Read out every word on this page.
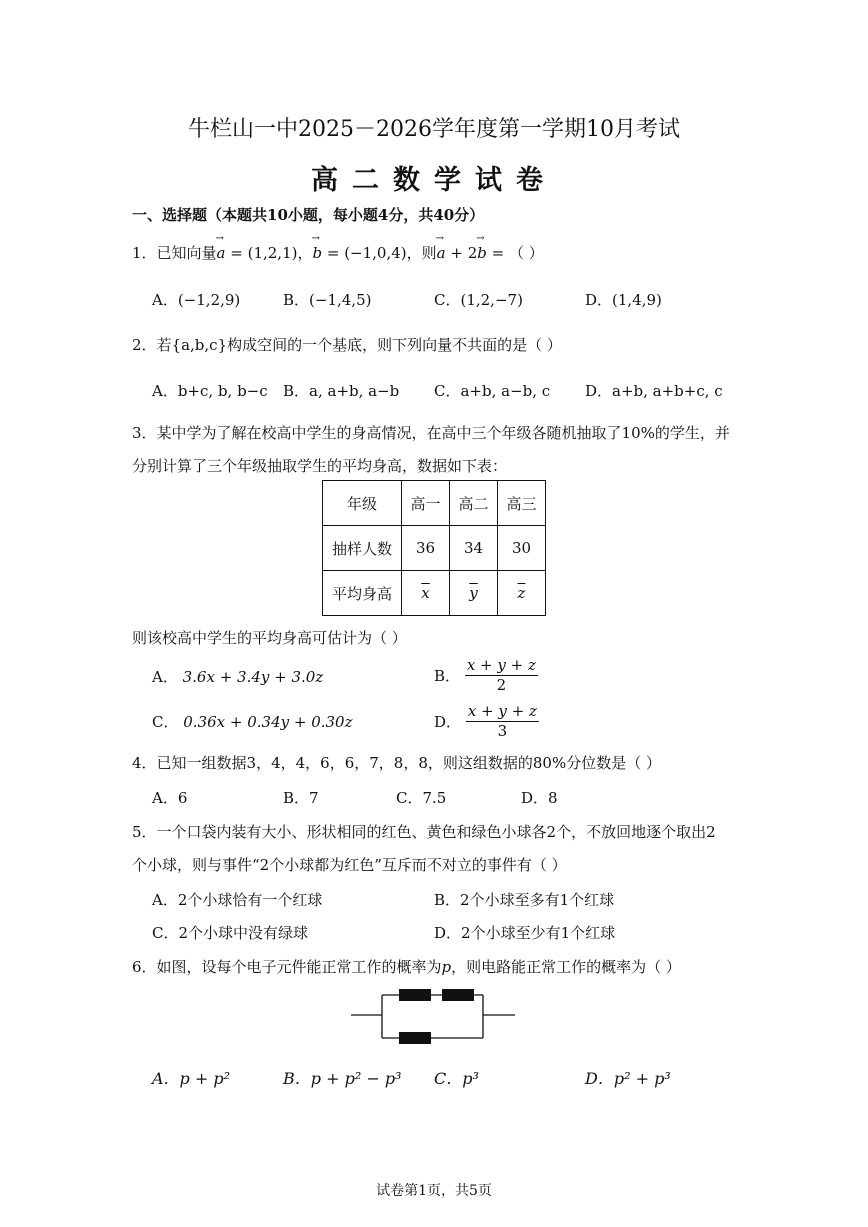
牛栏山一中2025－2026学年度第一学期10月考试
高二数学试卷
一、选择题（本题共10小题，每小题4分，共40分）
1．已知向量→ a = (1,2,1)，→ b = (−1,0,4)，则→ a + 2→ b = （ ）
A．(−1,2,9)	B．(−1,4,5)	C．(1,2,−7)	D．(1,4,9)
2．若{a,b,c}构成空间的一个基底，则下列向量不共面的是（ ）
A．b+c, b, b−c B．a, a+b, a−b C．a+b, a−b, c D．a+b, a+b+c, c
3．某中学为了解在校高中学生的身高情况，在高中三个年级各随机抽取了10%的学生，并
分别计算了三个年级抽取学生的平均身高，数据如下表：
年级	高一	高二	高三
抽样人数	36	34	30
平均身高	$\overline{x}$	$\overline{y}$	$\overline{z}$
则该校高中学生的平均身高可估计为（ ）
A． 3.6x + 3.4y + 3.0z	B． $\frac{x + y + z}{2}$
C． 0.36x + 0.34y + 0.30z	D． $\frac{x + y + z}{3}$
4．已知一组数据3，4，4，6，6，7，8，8，则这组数据的80%分位数是（ ）
A．6	B．7	C．7.5	D．8
5．一个口袋内装有大小、形状相同的红色、黄色和绿色小球各2个，不放回地逐个取出2
个小球，则与事件“2个小球都为红色”互斥而不对立的事件有（ ）
A．2个小球恰有一个红球	B．2个小球至多有1个红球
C．2个小球中没有绿球	D．2个小球至少有1个红球
6．如图，设每个电子元件能正常工作的概率为p，则电路能正常工作的概率为（ ）
A．p + p²	B．p + p² − p³ C．p³	D．p² + p³
试卷第1页，共5页
